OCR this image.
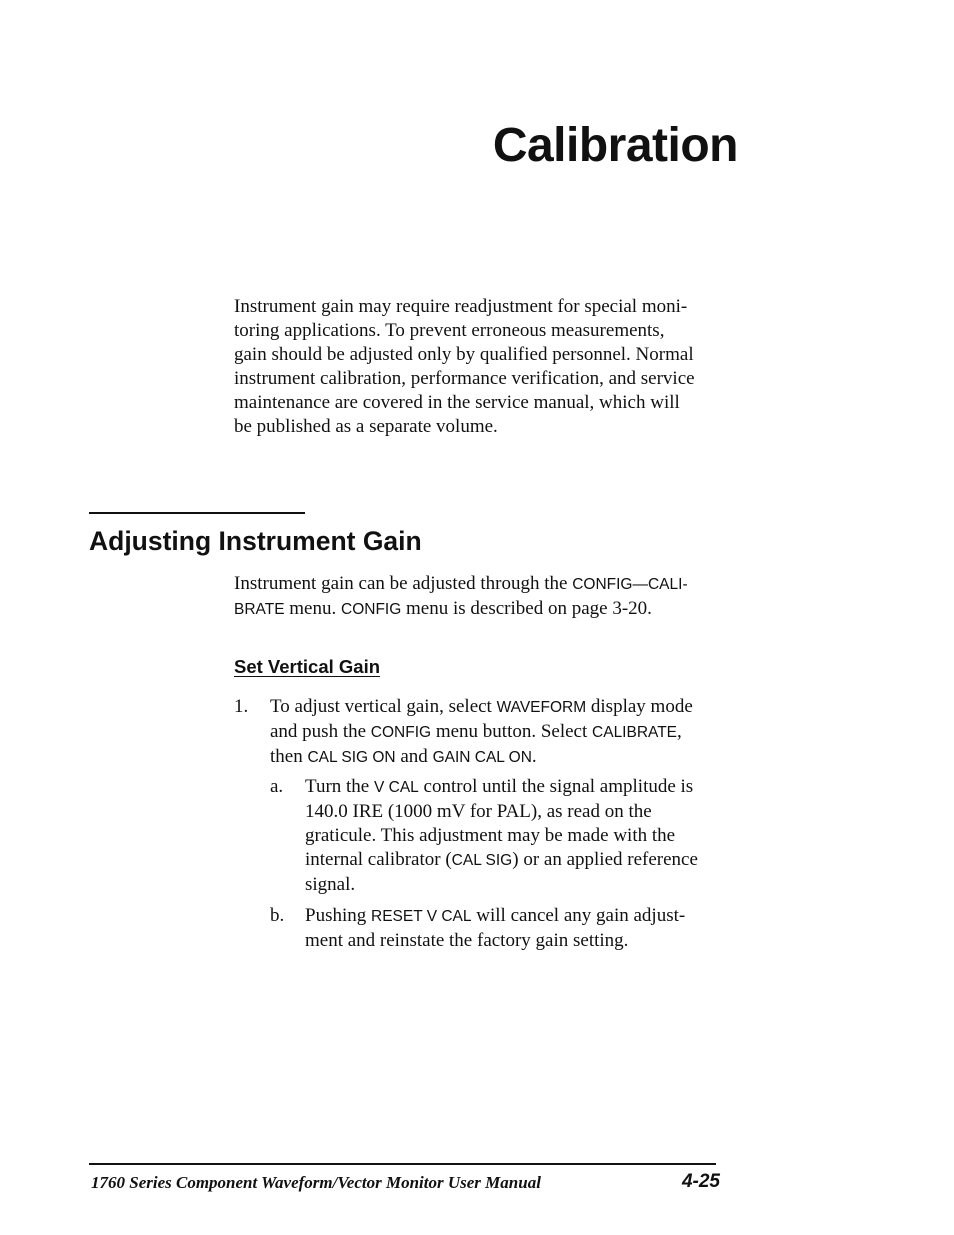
Calibration

Instrument gain may require readjustment for special moni-
toring applications. To prevent erroneous measurements,
gain should be adjusted only by qualified personnel. Normal
instrument calibration, performance verification, and service
maintenance are covered in the service manual, which will
be published as a separate volume.

Adjusting Instrument Gain

Instrument gain can be adjusted through the CONFIG—CALI-
BRATE menu. CONFIG menu is described on page 3-20.

Set Vertical Gain
1. To adjust vertical gain, select WAVEFORM display mode
and push the CONFIG menu button. Select CALIBRATE,
then CAL SIG ON and GAIN CAL ON.

a. Turn the V CAL control until the signal amplitude is
140.0 IRE (1000 mV for PAL), as read on the
graticule. This adjustment may be made with the
internal calibrator (CAL SIG) or an applied reference
signal.

b. Pushing RESET V CAL will cancel any gain adjust-
ment and reinstate the factory gain setting.

1760 Series Component Waveform/Vector Monitor User Manual	4-25
